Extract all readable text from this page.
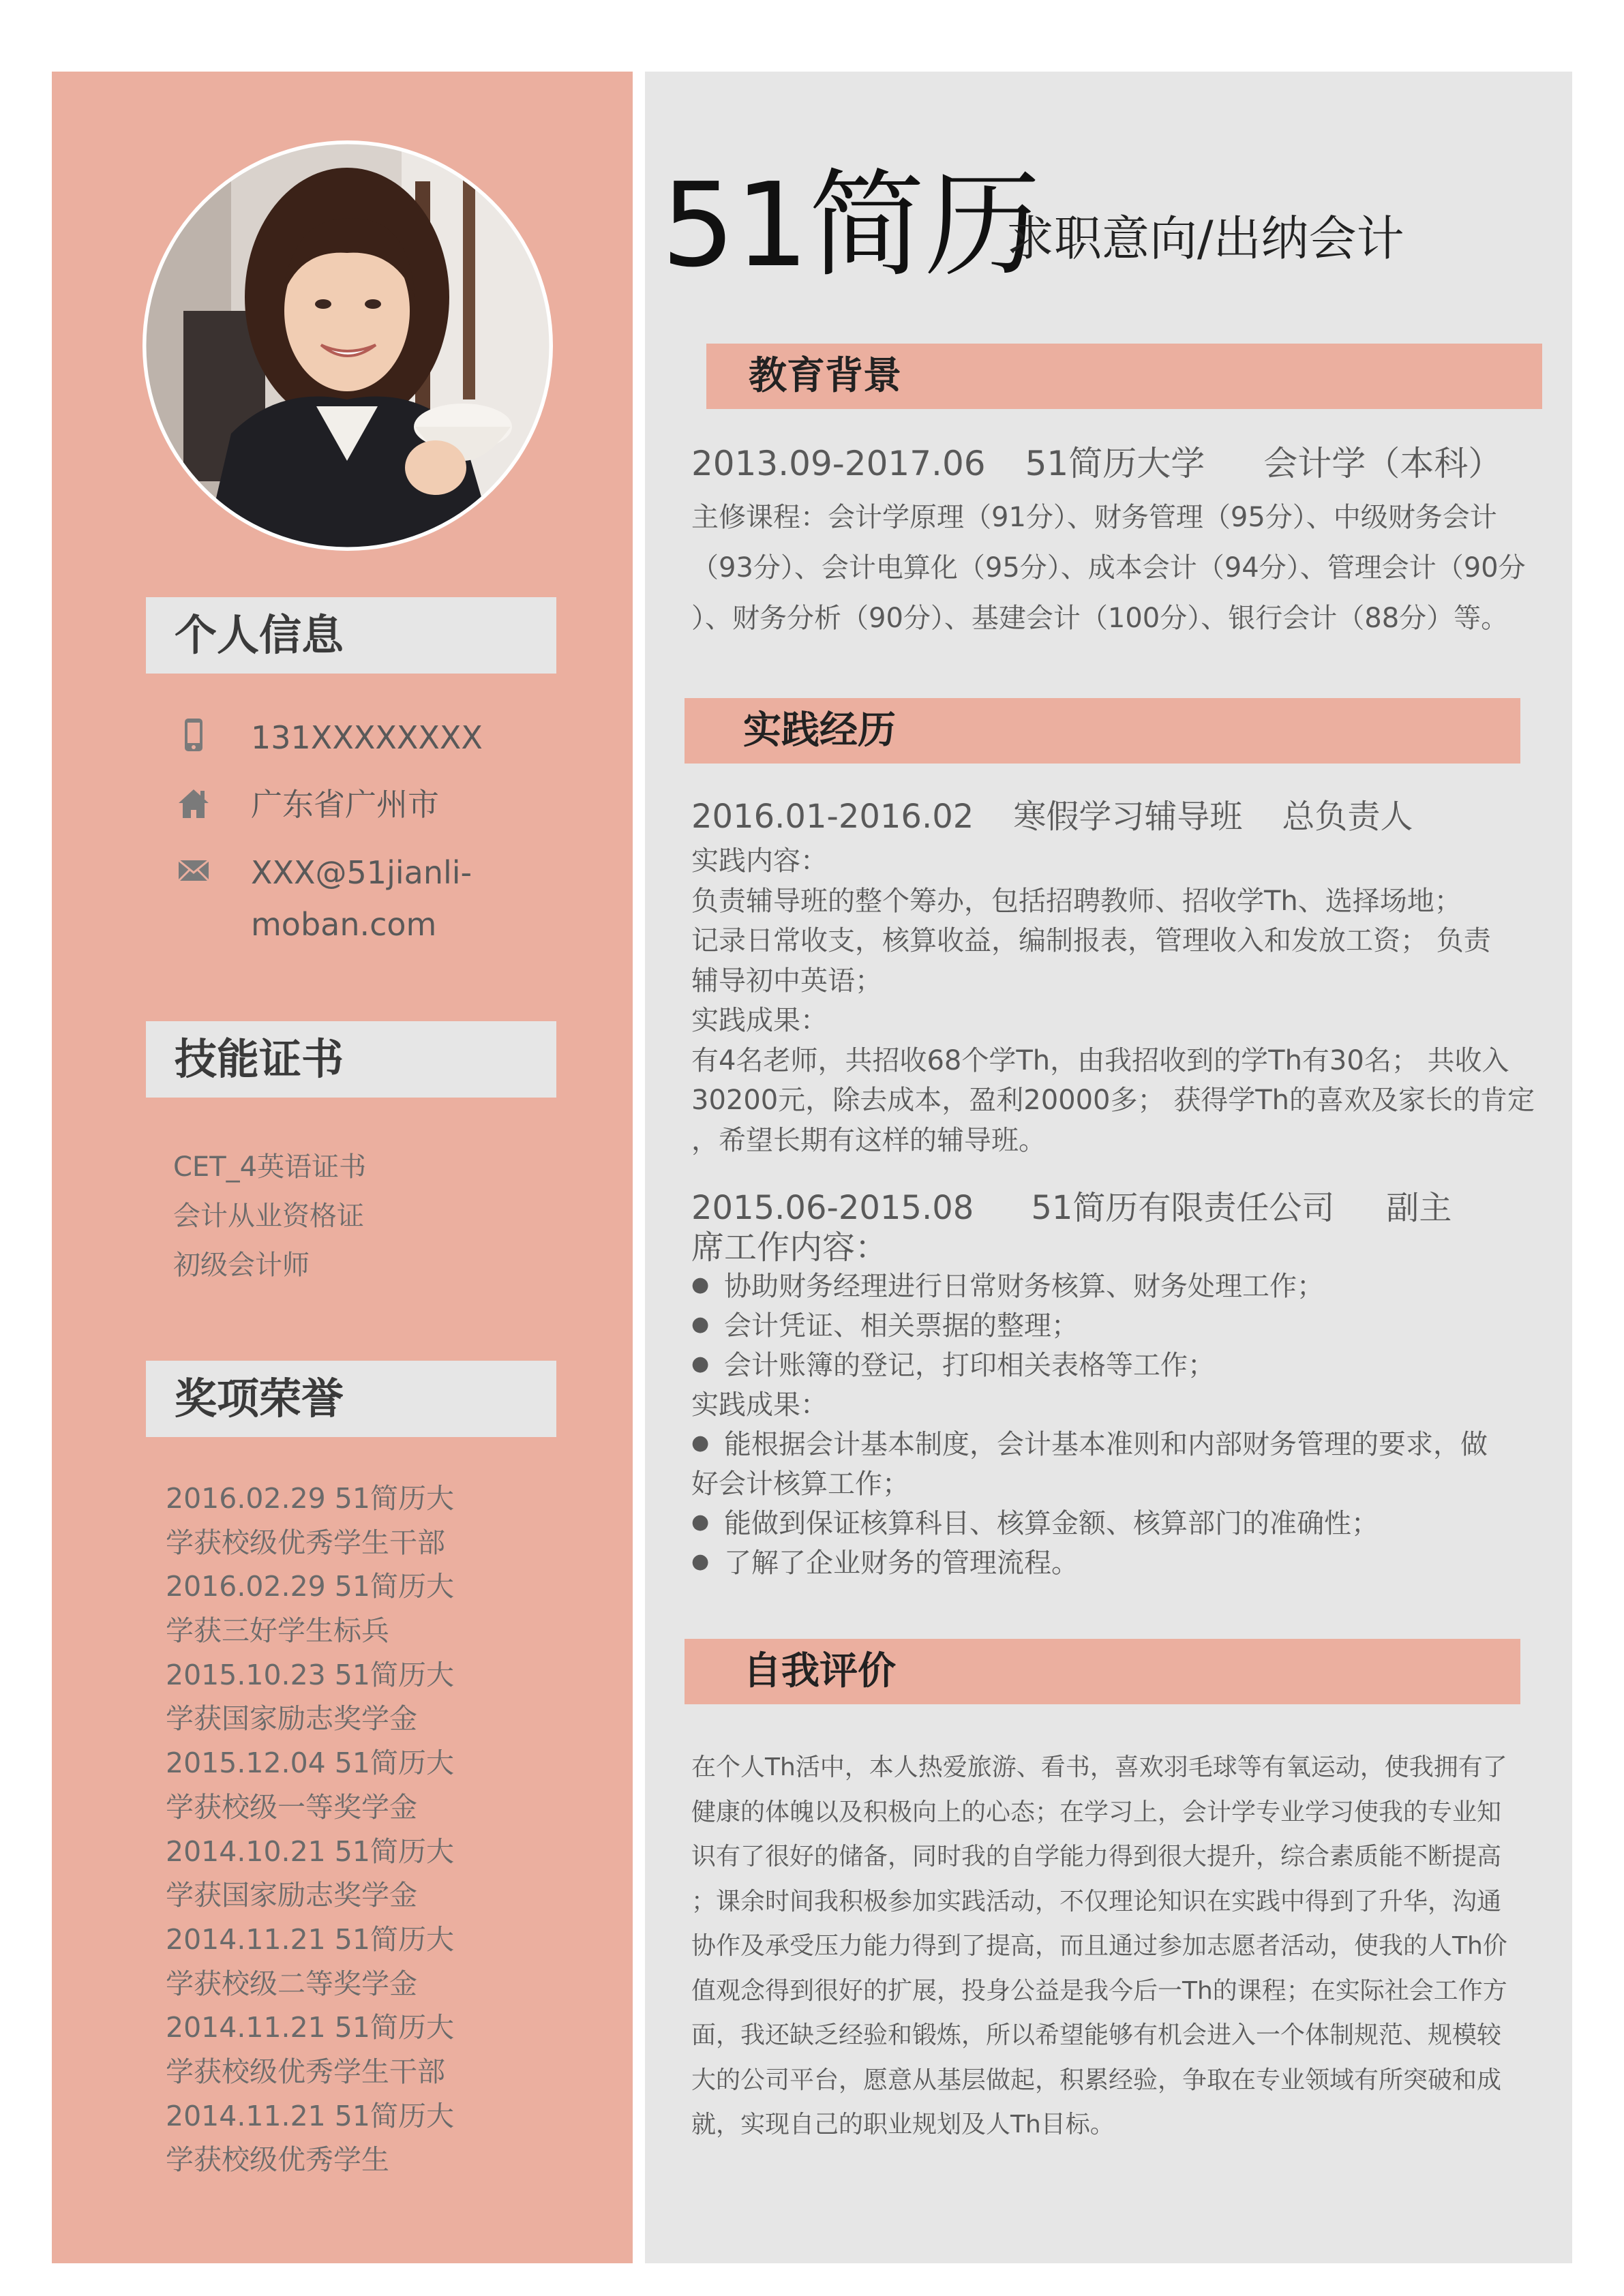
个人信息
131XXXXXXXX
广东省广州市
XXX@51jianli-
moban.com
技能证书
CET_4英语证书
会计从业资格证
初级会计师
奖项荣誉
2016.02.29 51简历大
学获校级优秀学生干部
2016.02.29 51简历大
学获三好学生标兵
2015.10.23 51简历大
学获国家励志奖学金
2015.12.04 51简历大
学获校级一等奖学金
2014.10.21 51简历大
学获国家励志奖学金
2014.11.21 51简历大
学获校级二等奖学金
2014.11.21 51简历大
学获校级优秀学生干部
2014.11.21 51简历大
学获校级优秀学生
51简历
求职意向/出纳会计
教育背景
2013.09-2017.06 51简历大学 会计学（本科）
主修课程：会计学原理（91分）、财务管理（95分）、中级财务会计
（93分）、会计电算化（95分）、成本会计（94分）、管理会计（90分
）、财务分析（90分）、基建会计（100分）、银行会计（88分）等。
实践经历
2016.01-2016.02 寒假学习辅导班 总负责人
实践内容：
负责辅导班的整个筹办，包括招聘教师、招收学Th、选择场地；
记录日常收支，核算收益，编制报表，管理收入和发放工资； 负责
辅导初中英语；
实践成果：
有4名老师，共招收68个学Th，由我招收到的学Th有30名； 共收入
30200元，除去成本，盈利20000多； 获得学Th的喜欢及家长的肯定
，希望长期有这样的辅导班。
2015.06-2015.08 51简历有限责任公司 副主
席工作内容：
● 协助财务经理进行日常财务核算、财务处理工作；
● 会计凭证、相关票据的整理；
● 会计账簿的登记，打印相关表格等工作；
实践成果：
● 能根据会计基本制度，会计基本准则和内部财务管理的要求，做
好会计核算工作；
● 能做到保证核算科目、核算金额、核算部门的准确性；
● 了解了企业财务的管理流程。
自我评价
在个人Th活中，本人热爱旅游、看书，喜欢羽毛球等有氧运动，使我拥有了
健康的体魄以及积极向上的心态；在学习上，会计学专业学习使我的专业知
识有了很好的储备，同时我的自学能力得到很大提升，综合素质能不断提高
；课余时间我积极参加实践活动，不仅理论知识在实践中得到了升华，沟通
协作及承受压力能力得到了提高，而且通过参加志愿者活动，使我的人Th价
值观念得到很好的扩展，投身公益是我今后一Th的课程；在实际社会工作方
面，我还缺乏经验和锻炼，所以希望能够有机会进入一个体制规范、规模较
大的公司平台，愿意从基层做起，积累经验，争取在专业领域有所突破和成
就，实现自己的职业规划及人Th目标。
